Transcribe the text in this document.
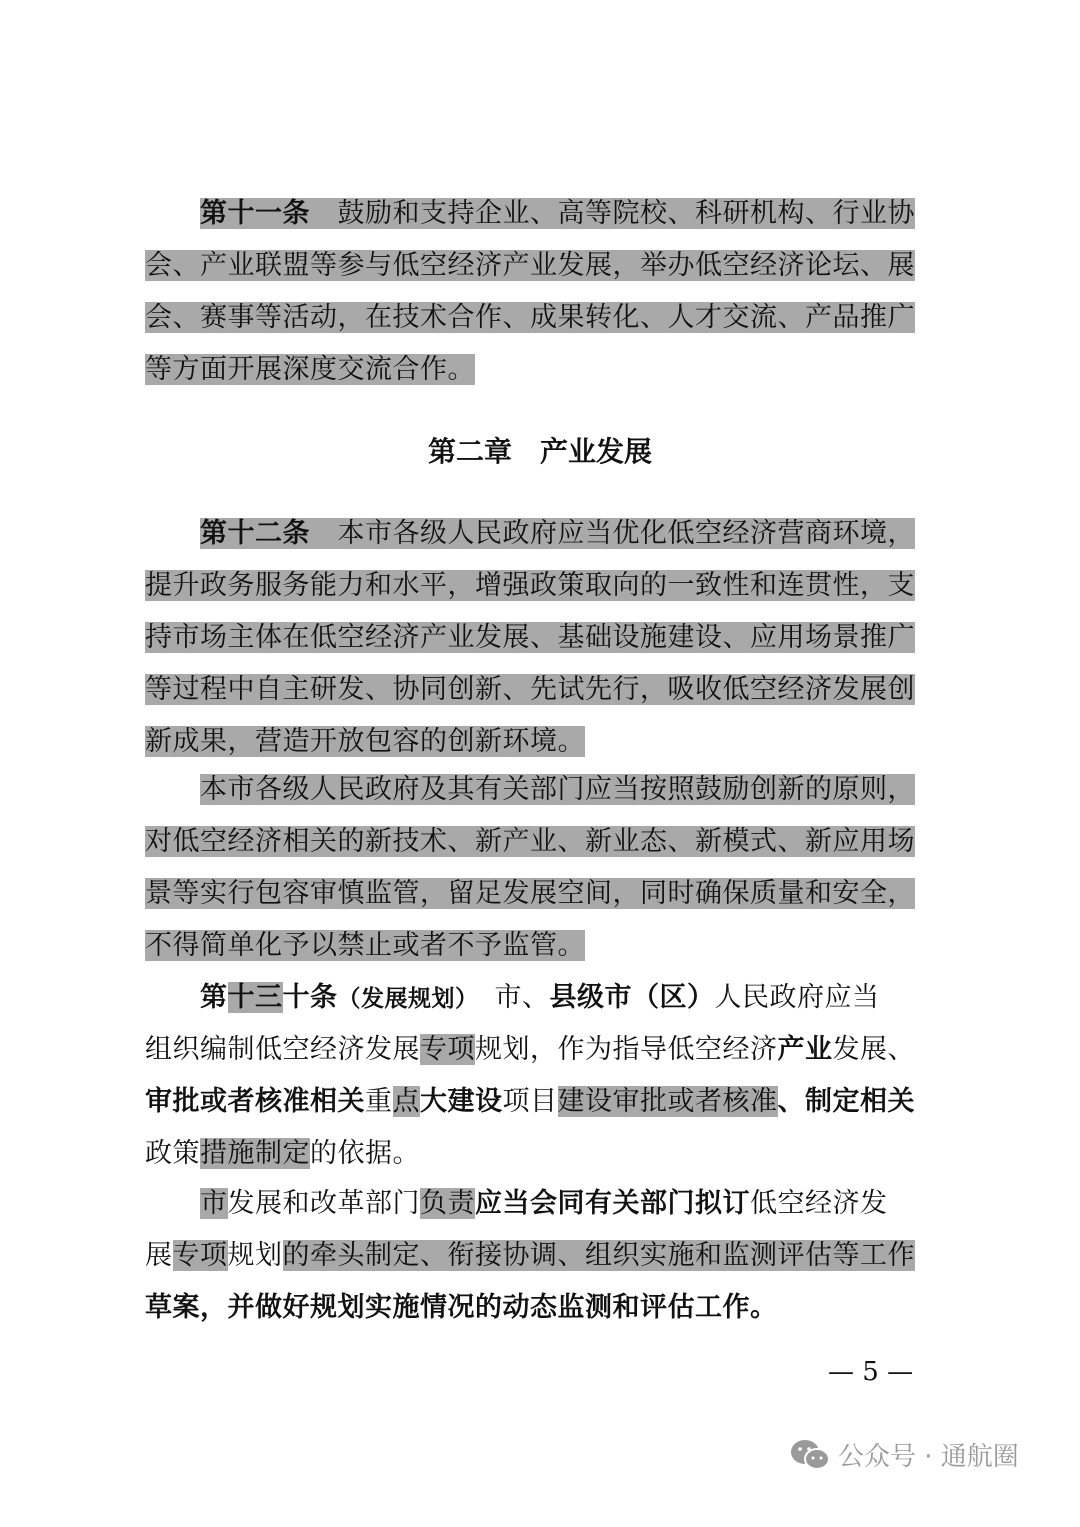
第十一条　 鼓励和支持企业、高等院校、科研机构、行业协
会、产业联盟等参与低空经济产业发展，举办低空经济论坛、展
会、赛事等活动，在技术合作、成果转化、人才交流、产品推广
等方面开展深度交流合作。
第二章　产业发展
第十二条　 本市各级人民政府应当优化低空经济营商环境，
提升政务服务能力和水平，增强政策取向的一致性和连贯性，支
持市场主体在低空经济产业发展、基础设施建设、应用场景推广
等过程中自主研发、协同创新、先试先行，吸收低空经济发展创
新成果，营造开放包容的创新环境。
本市各级人民政府及其有关部门应当按照鼓励创新的原则，
对低空经济相关的新技术、新产业、新业态、新模式、新应用场
景等实行包容审慎监管，留足发展空间，同时确保质量和安全，
不得简单化予以禁止或者不予监管。
第十三十条（发展规划）　市、县级市（区）人民政府应当
组织编制低空经济发展专项规划，作为指导低空经济产业发展、
审批或者核准相关重点大建设项目建设审批或者核准、制定相关
政策措施制定的依据。
市发展和改革部门负责应当会同有关部门拟订低空经济发
展专项规划的牵头制定、衔接协调、组织实施和监测评估等工作
草案，并做好规划实施情况的动态监测和评估工作。
— 5 —
公众号 · 通航圈
